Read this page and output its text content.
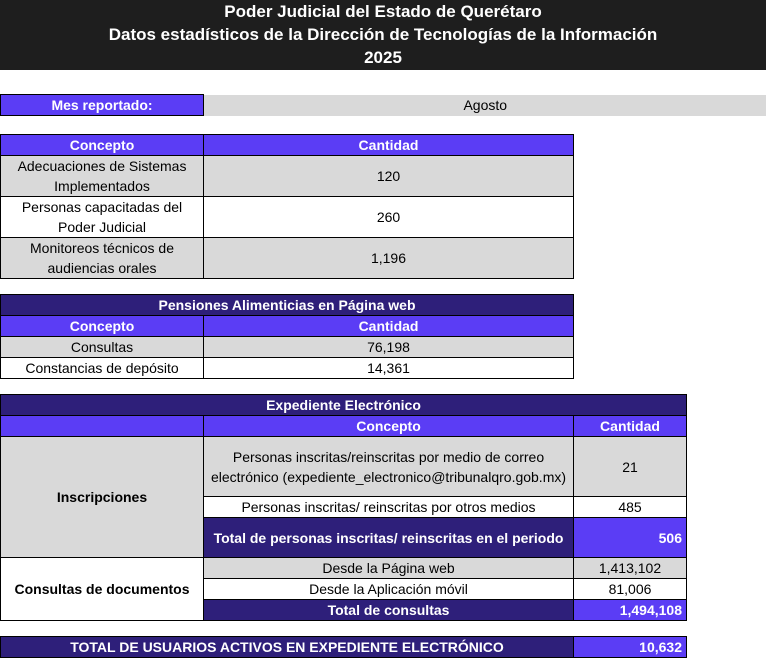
Poder Judicial del Estado de Querétaro
Datos estadísticos de la Dirección de Tecnologías de la Información
2025
Mes reportado:	Agosto
Concepto	Cantidad
Adecuaciones de Sistemas Implementados	120
Personas capacitadas del Poder Judicial	260
Monitoreos técnicos de audiencias orales	1,196
Pensiones Alimenticias en Página web	
Concepto	Cantidad
Consultas	76,198
Constancias de depósito	14,361
Expediente Electrónico		
	Concepto	Cantidad
Inscripciones	Personas inscritas/reinscritas por medio de correo electrónico (expediente_electronico@tribunalqro.gob.mx)	21
	Personas inscritas/ reinscritas por otros medios	485
	Total de personas inscritas/ reinscritas en el periodo	506
Consultas de documentos	Desde la Página web	1,413,102
	Desde la Aplicación móvil	81,006
	Total de consultas	1,494,108
TOTAL DE USUARIOS ACTIVOS EN EXPEDIENTE ELECTRÓNICO	10,632
